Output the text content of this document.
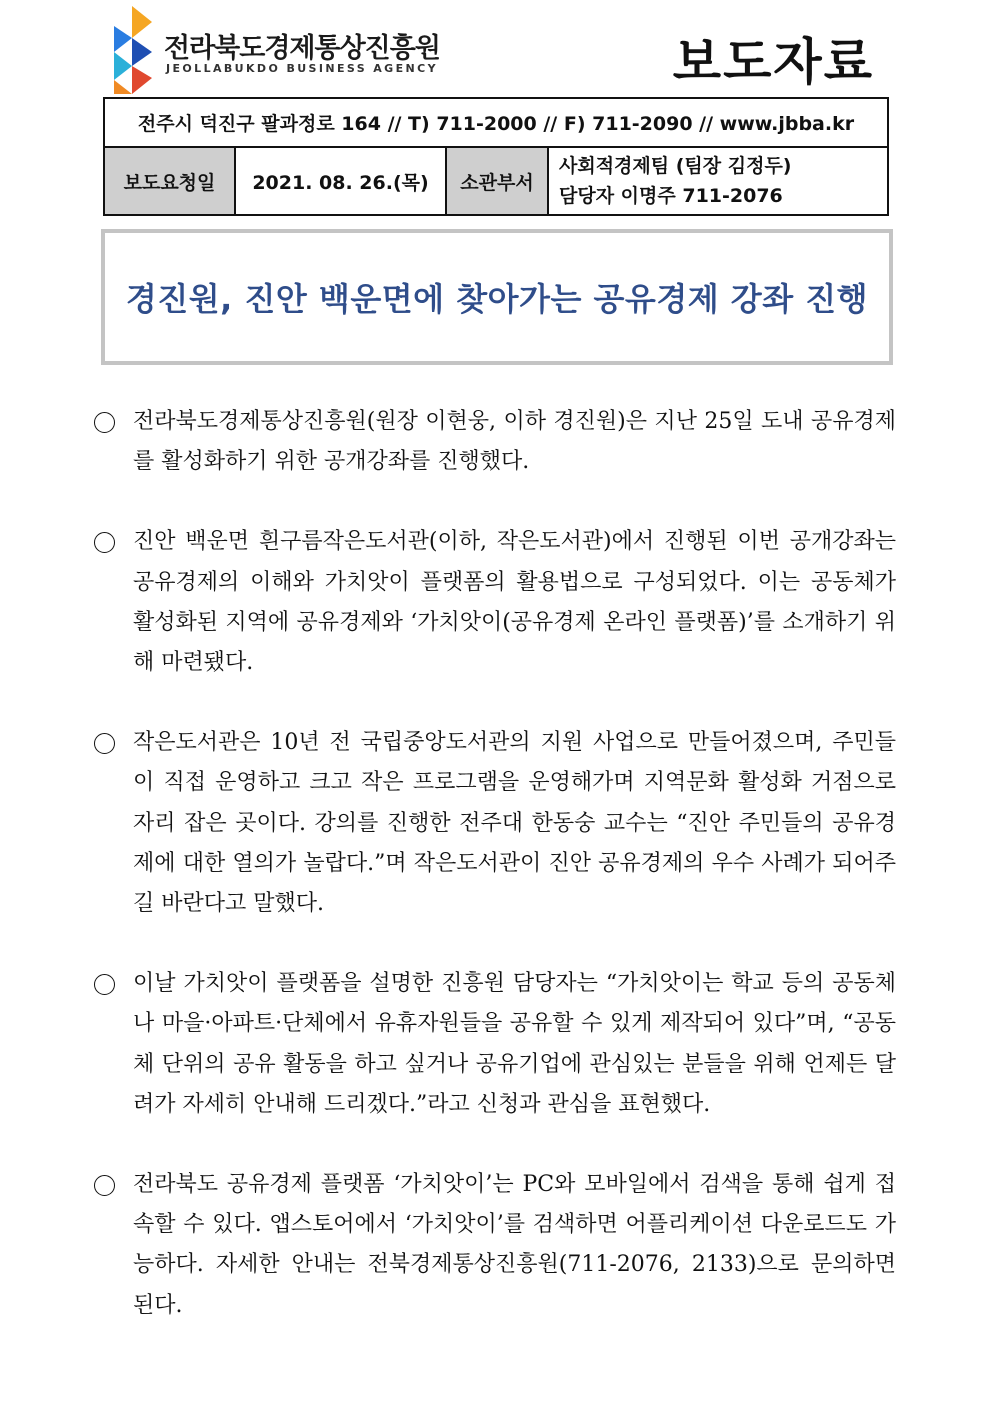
전라북도경제통상진흥원
JEOLLABUKDO BUSINESS AGENCY	보도자료
전주시 덕진구 팔과정로 164 // T) 711-2000 // F) 711-2090 // www.jbba.kr
보도요청일	2021. 08. 26.(목)	소관부서	
사회적경제팀 (팀장 김정두)
담당자 이명주 711-2076
경진원, 진안 백운면에 찾아가는 공유경제 강좌 진행
전라북도경제통상진흥원(원장 이현웅, 이하 경진원)은 지난 25일 도내 공유경제를 활성화하기 위한 공개강좌를 진행했다.
진안 백운면 흰구름작은도서관(이하, 작은도서관)에서 진행된 이번 공개강좌는 공유경제의 이해와 가치앗이 플랫폼의 활용법으로 구성되었다. 이는 공동체가 활성화된 지역에 공유경제와 ‘가치앗이(공유경제 온라인 플랫폼)’를 소개하기 위해 마련됐다.
작은도서관은 10년 전 국립중앙도서관의 지원 사업으로 만들어졌으며, 주민들이 직접 운영하고 크고 작은 프로그램을 운영해가며 지역문화 활성화 거점으로 자리 잡은 곳이다. 강의를 진행한 전주대 한동숭 교수는 “진안 주민들의 공유경제에 대한 열의가 놀랍다.”며 작은도서관이 진안 공유경제의 우수 사례가 되어주길 바란다고 말했다.
이날 가치앗이 플랫폼을 설명한 진흥원 담당자는 “가치앗이는 학교 등의 공동체나 마을·아파트·단체에서 유휴자원들을 공유할 수 있게 제작되어 있다”며, “공동체 단위의 공유 활동을 하고 싶거나 공유기업에 관심있는 분들을 위해 언제든 달려가 자세히 안내해 드리겠다.”라고 신청과 관심을 표현했다.
전라북도 공유경제 플랫폼 ‘가치앗이’는 PC와 모바일에서 검색을 통해 쉽게 접속할 수 있다. 앱스토어에서 ‘가치앗이’를 검색하면 어플리케이션 다운로드도 가능하다. 자세한 안내는 전북경제통상진흥원(711-2076, 2133)으로 문의하면 된다.
